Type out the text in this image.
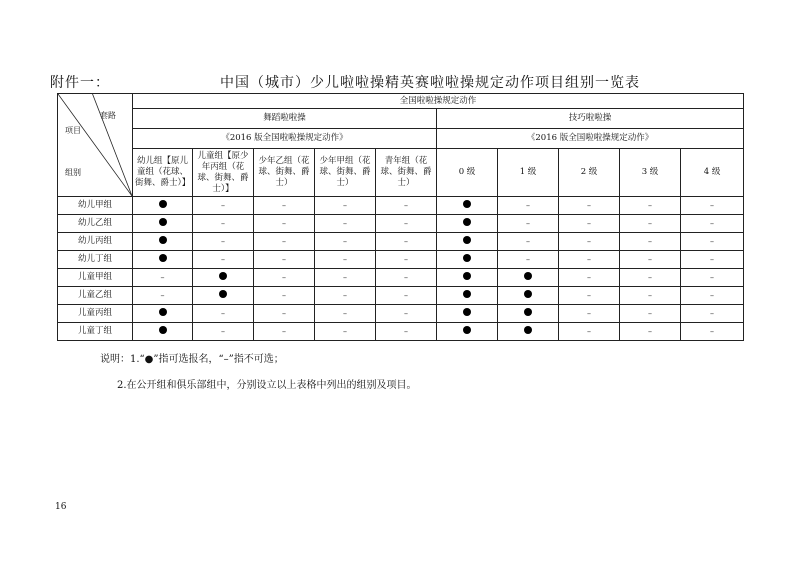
附件一：	中国（城市）少儿啦啦操精英赛啦啦操规定动作项目组别一览表
套路
项目
组别	全国啦啦操规定动作									
	舞蹈啦啦操					技巧啦啦操				
	《2016 版全国啦啦操规定动作》					《2016 版全国啦啦操规定动作》				
	幼儿组【原儿童组（花球、街舞、爵士）】	儿童组【原少年丙组（花球、街舞、爵士）】	少年乙组（花球、街舞、爵士）	少年甲组（花球、街舞、爵士）	青年组（花球、街舞、爵士）	0 级	1 级	2 级	3 级	4 级
幼儿甲组		–	–	–	–		–	–	–	–
幼儿乙组		–	–	–	–		–	–	–	–
幼儿丙组		–	–	–	–		–	–	–	–
幼儿丁组		–	–	–	–		–	–	–	–
儿童甲组	–		–	–	–			–	–	–
儿童乙组	–		–	–	–			–	–	–
儿童丙组		–	–	–	–			–	–	–
儿童丁组		–	–	–	–			–	–	–
说明：1.“●”指可选报名，“–”指不可选；
2.在公开组和俱乐部组中，分别设立以上表格中列出的组别及项目。
16
